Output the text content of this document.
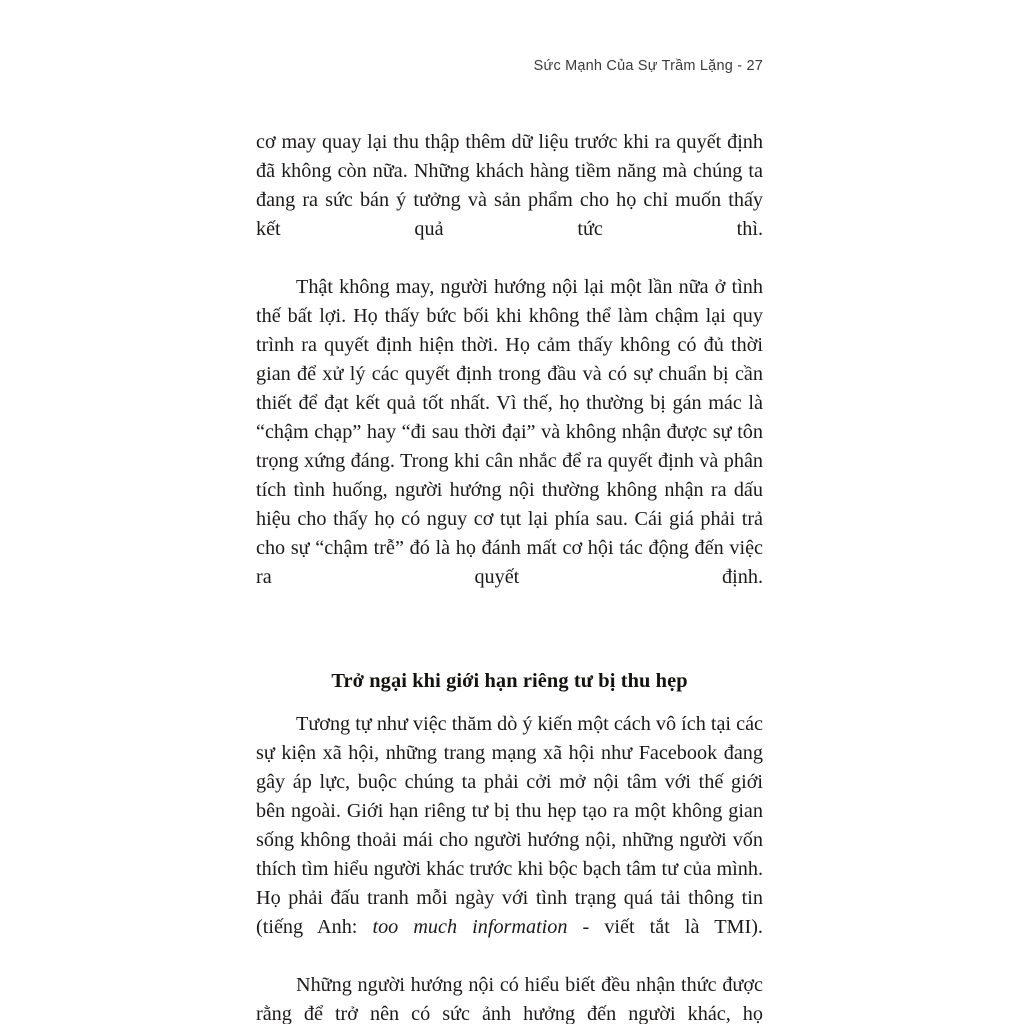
Sức Mạnh Của Sự Trầm Lặng - 27

cơ may quay lại thu thập thêm dữ liệu trước khi ra quyết định đã không còn nữa. Những khách hàng tiềm năng mà chúng ta đang ra sức bán ý tưởng và sản phẩm cho họ chỉ muốn thấy kết quả tức thì.

Thật không may, người hướng nội lại một lần nữa ở tình thế bất lợi. Họ thấy bức bối khi không thể làm chậm lại quy trình ra quyết định hiện thời. Họ cảm thấy không có đủ thời gian để xử lý các quyết định trong đầu và có sự chuẩn bị cần thiết để đạt kết quả tốt nhất. Vì thế, họ thường bị gán mác là “chậm chạp” hay “đi sau thời đại” và không nhận được sự tôn trọng xứng đáng. Trong khi cân nhắc để ra quyết định và phân tích tình huống, người hướng nội thường không nhận ra dấu hiệu cho thấy họ có nguy cơ tụt lại phía sau. Cái giá phải trả cho sự “chậm trễ” đó là họ đánh mất cơ hội tác động đến việc ra quyết định.

Trở ngại khi giới hạn riêng tư bị thu hẹp

Tương tự như việc thăm dò ý kiến một cách vô ích tại các sự kiện xã hội, những trang mạng xã hội như Facebook đang gây áp lực, buộc chúng ta phải cởi mở nội tâm với thế giới bên ngoài. Giới hạn riêng tư bị thu hẹp tạo ra một không gian sống không thoải mái cho người hướng nội, những người vốn thích tìm hiểu người khác trước khi bộc bạch tâm tư của mình. Họ phải đấu tranh mỗi ngày với tình trạng quá tải thông tin (tiếng Anh: too much information - viết tắt là TMI).

Những người hướng nội có hiểu biết đều nhận thức được rằng để trở nên có sức ảnh hưởng đến người khác, họ
